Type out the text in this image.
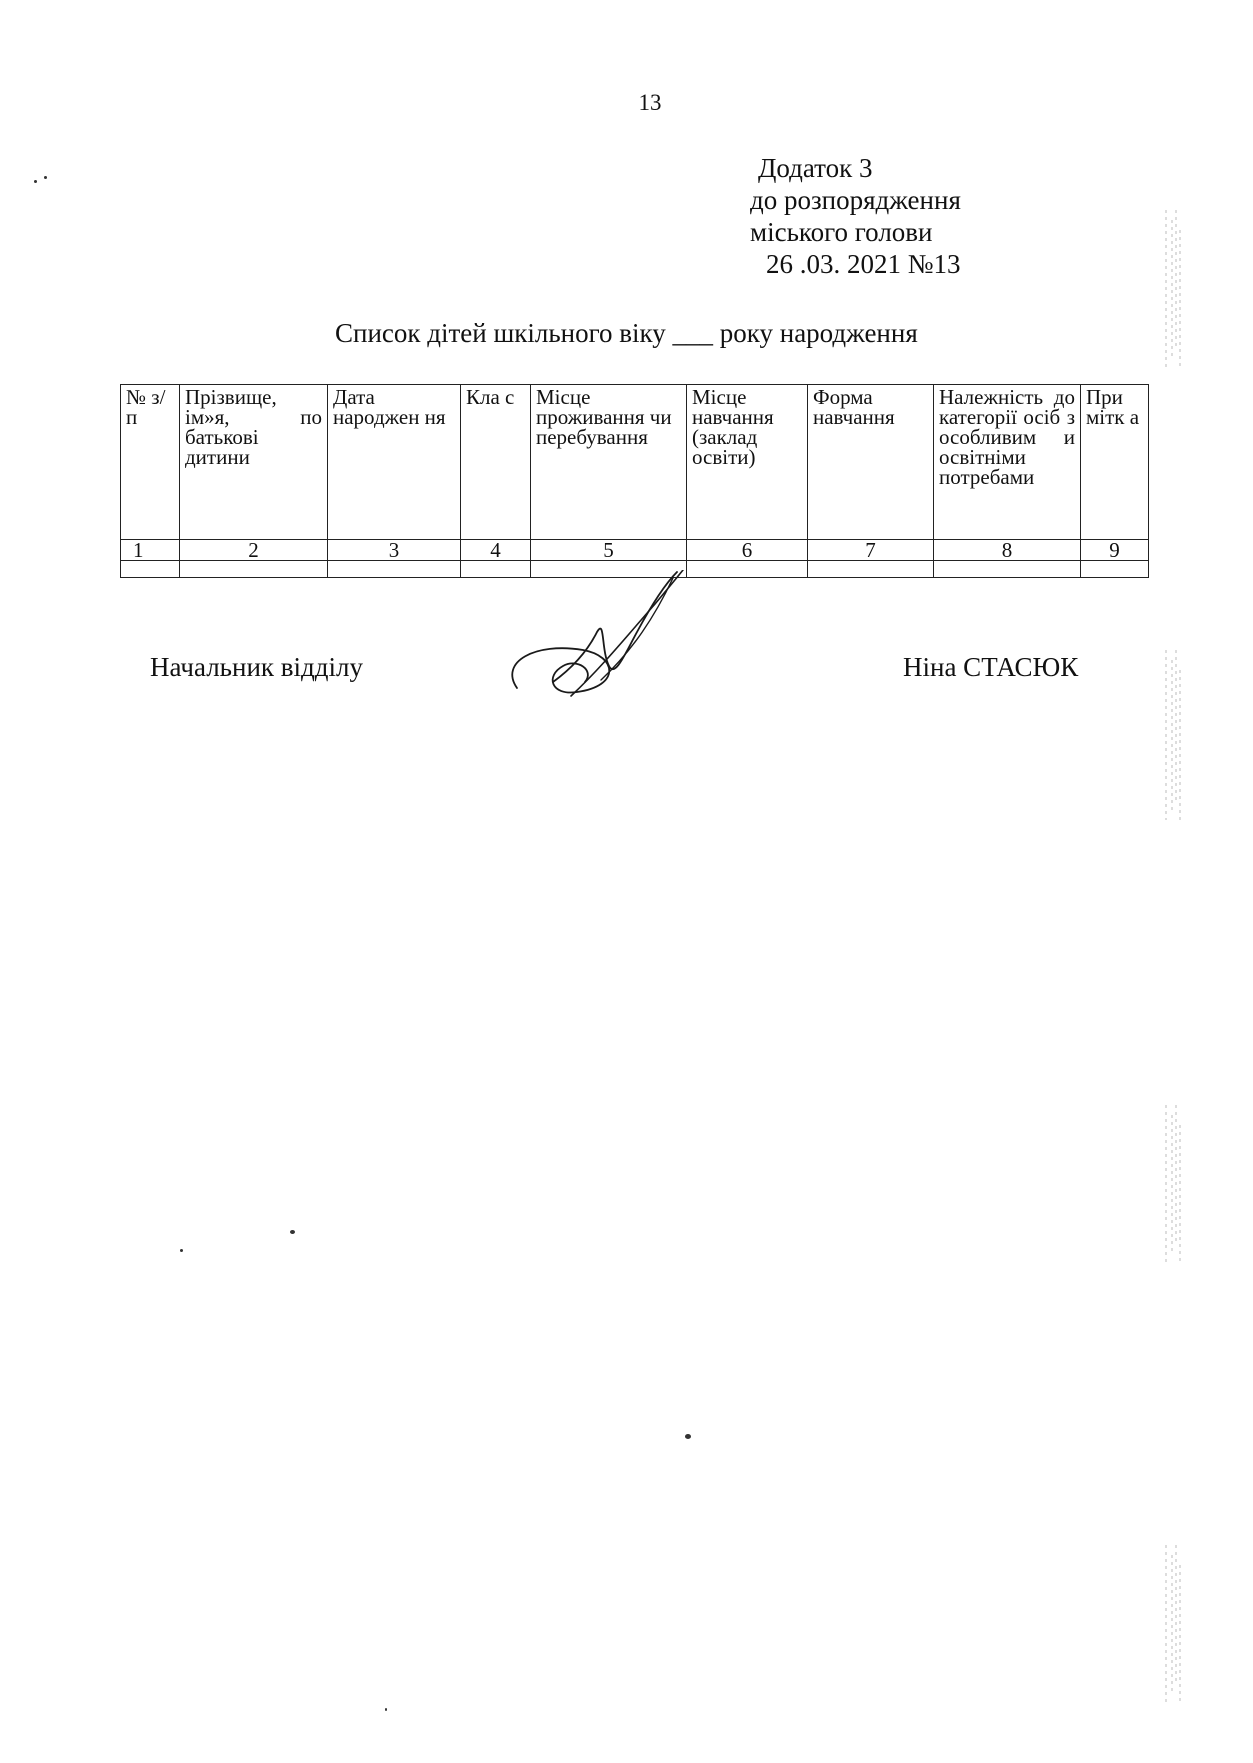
13
Додаток 3
до розпорядження
міського голови
26 .03. 2021 №13
Список дітей шкільного віку ___ року народження
№ з/п	Прізвище, ім»я, по батькові дитини	Дата народжен ня	Кла с	Місце проживання чи перебування	Місце навчання (заклад освіти)	Форма навчання	Належність до категорії осіб з особливим и освітніми потребами	При мітк а
1	2	3	4	5	6	7	8	9

Начальник відділу	Ніна СТАСЮК
